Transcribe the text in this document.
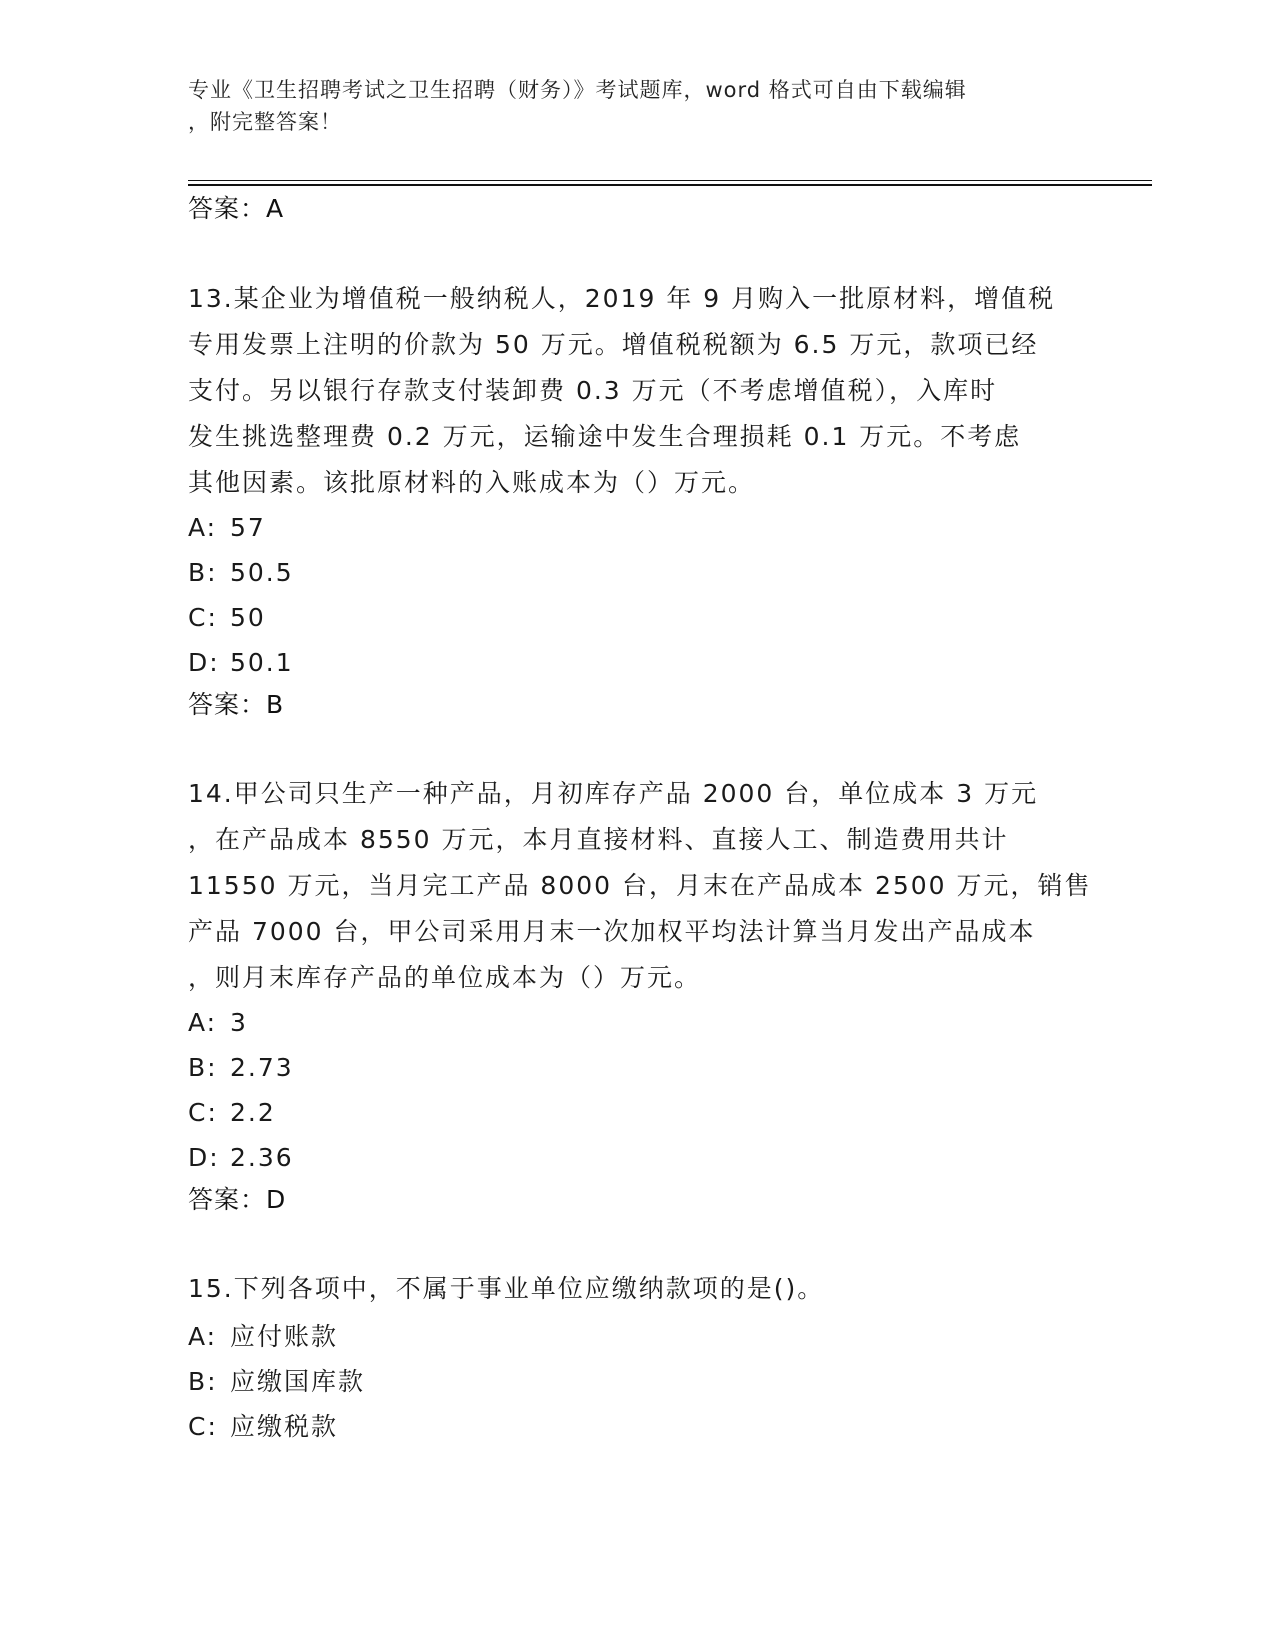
专业《卫生招聘考试之卫生招聘（财务）》考试题库，word 格式可自由下载编辑
，附完整答案！
答案：A
13.某企业为增值税一般纳税人，2019 年 9 月购入一批原材料，增值税
专用发票上注明的价款为 50 万元。增值税税额为 6.5 万元，款项已经
支付。另以银行存款支付装卸费 0.3 万元（不考虑增值税），入库时
发生挑选整理费 0.2 万元，运输途中发生合理损耗 0.1 万元。不考虑
其他因素。该批原材料的入账成本为（）万元。
A: 57
B: 50.5
C: 50
D: 50.1
答案：B
14.甲公司只生产一种产品，月初库存产品 2000 台，单位成本 3 万元
，在产品成本 8550 万元，本月直接材料、直接人工、制造费用共计
11550 万元，当月完工产品 8000 台，月末在产品成本 2500 万元，销售
产品 7000 台，甲公司采用月末一次加权平均法计算当月发出产品成本
，则月末库存产品的单位成本为（）万元。
A: 3
B: 2.73
C: 2.2
D: 2.36
答案：D
15.下列各项中，不属于事业单位应缴纳款项的是()。
A: 应付账款
B: 应缴国库款
C: 应缴税款
